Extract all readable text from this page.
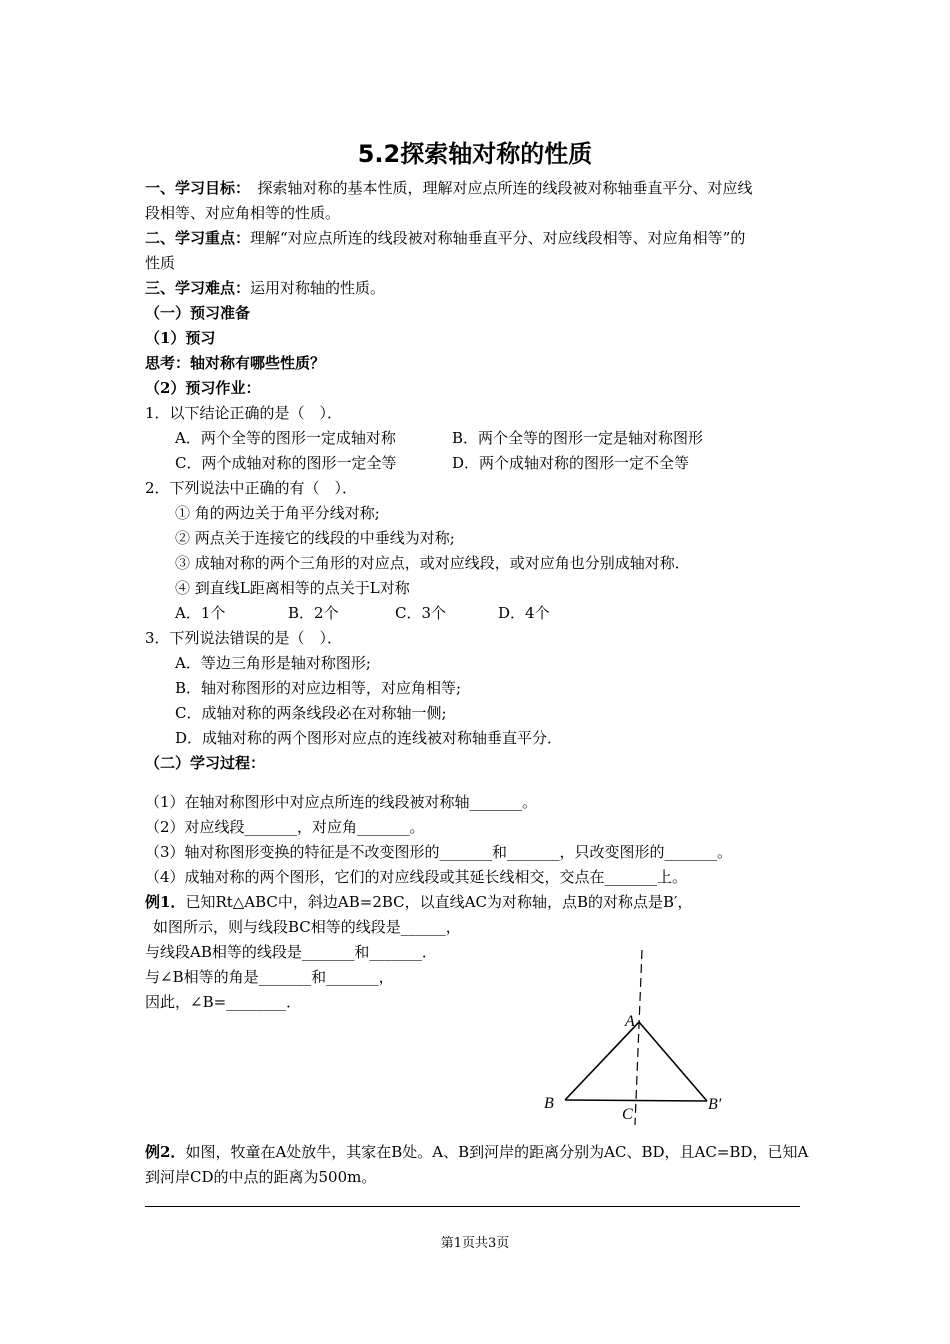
5.2探索轴对称的性质
一、学习目标：　探索轴对称的基本性质，理解对应点所连的线段被对称轴垂直平分、对应线
段相等、对应角相等的性质。
二、学习重点：理解“对应点所连的线段被对称轴垂直平分、对应线段相等、对应角相等”的
性质
三、学习难点：运用对称轴的性质。
（一）预习准备
（1）预习
思考：轴对称有哪些性质？
（2）预习作业：
1．以下结论正确的是（　）．
A．两个全等的图形一定成轴对称	B．两个全等的图形一定是轴对称图形
C．两个成轴对称的图形一定全等	D．两个成轴对称的图形一定不全等
2．下列说法中正确的有（　）．
① 角的两边关于角平分线对称;
② 两点关于连接它的线段的中垂线为对称;
③ 成轴对称的两个三角形的对应点，或对应线段，或对应角也分别成轴对称．
④ 到直线L距离相等的点关于L对称
A．1个	B．2个	C．3个	D．4个
3．下列说法错误的是（　）．
A．等边三角形是轴对称图形;
B．轴对称图形的对应边相等，对应角相等;
C．成轴对称的两条线段必在对称轴一侧;
D．成轴对称的两个图形对应点的连线被对称轴垂直平分．
（二）学习过程：
（1）在轴对称图形中对应点所连的线段被对称轴_______。
（2）对应线段_______，对应角_______。
（3）轴对称图形变换的特征是不改变图形的_______和_______，只改变图形的_______。
（4）成轴对称的两个图形，它们的对应线段或其延长线相交，交点在_______上。
例1．已知Rt△ABC中，斜边AB=2BC，以直线AC为对称轴，点B的对称点是B′，
如图所示，则与线段BC相等的线段是______，
与线段AB相等的线段是_______和_______．
与∠B相等的角是_______和_______，
因此，∠B=________．
A
B
C
B′
例2．如图，牧童在A处放牛，其家在B处。A、B到河岸的距离分别为AC、BD，且AC=BD，已知A
到河岸CD的中点的距离为500m。
第1页共3页
